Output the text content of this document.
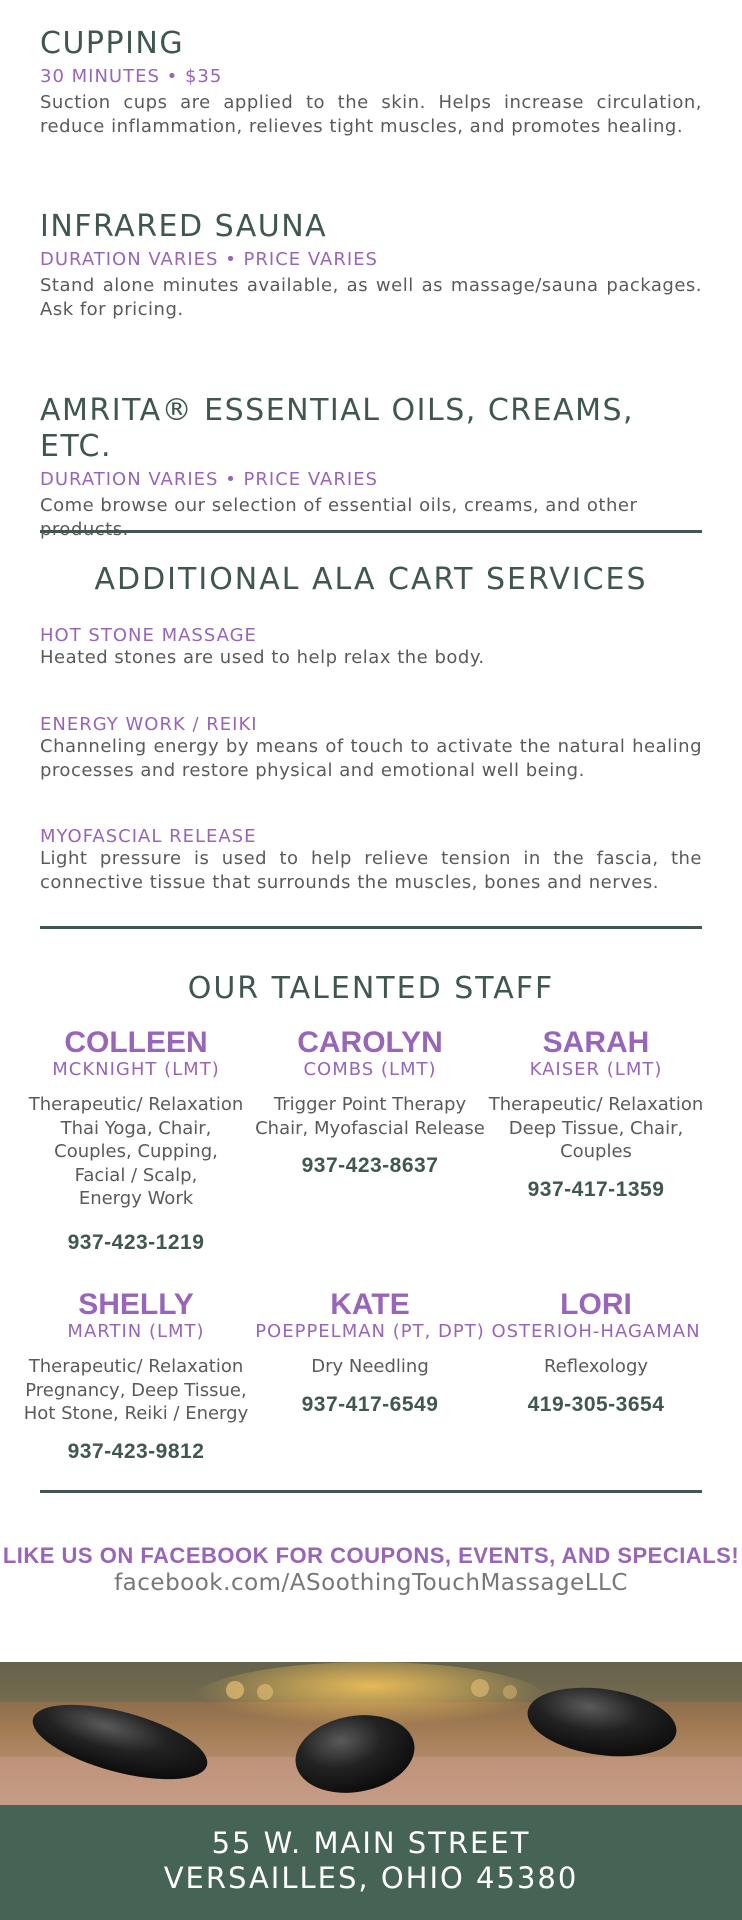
CUPPING
30 MINUTES • $35
Suction cups are applied to the skin. Helps increase circulation, reduce inflammation, relieves tight muscles, and promotes healing.
INFRARED SAUNA
DURATION VARIES • PRICE VARIES
Stand alone minutes available, as well as massage/sauna packages. Ask for pricing.
AMRITA® ESSENTIAL OILS, CREAMS, ETC.
DURATION VARIES • PRICE VARIES
Come browse our selection of essential oils, creams, and other
ADDITIONAL ALA CART SERVICES
HOT STONE MASSAGE
Heated stones are used to help relax the body.
ENERGY WORK / REIKI
Channeling energy by means of touch to activate the natural healing processes and restore physical and emotional well being.
MYOFASCIAL RELEASE
Light pressure is used to help relieve tension in the fascia, the connective tissue that surrounds the muscles, bones and nerves.
OUR TALENTED STAFF
COLLEEN
MCKNIGHT (LMT)
Therapeutic/ Relaxation
Thai Yoga, Chair,
Couples, Cupping,
Facial / Scalp,
Energy Work
937-423-1219
CAROLYN
COMBS (LMT)
Trigger Point Therapy
Chair, Myofascial Release
937-423-8637
SARAH
KAISER (LMT)
Therapeutic/ Relaxation
Deep Tissue, Chair,
Couples
937-417-1359
SHELLY
MARTIN (LMT)
Therapeutic/ Relaxation
Pregnancy, Deep Tissue,
Hot Stone, Reiki / Energy
937-423-9812
KATE
POEPPELMAN (PT, DPT)
Dry Needling
937-417-6549
LORI
OSTERIOH-HAGAMAN
Reflexology
419-305-3654
LIKE US ON FACEBOOK FOR COUPONS, EVENTS, AND SPECIALS!
facebook.com/ASoothingTouchMassageLLC
55 W. MAIN STREET
VERSAILLES, OHIO 45380
